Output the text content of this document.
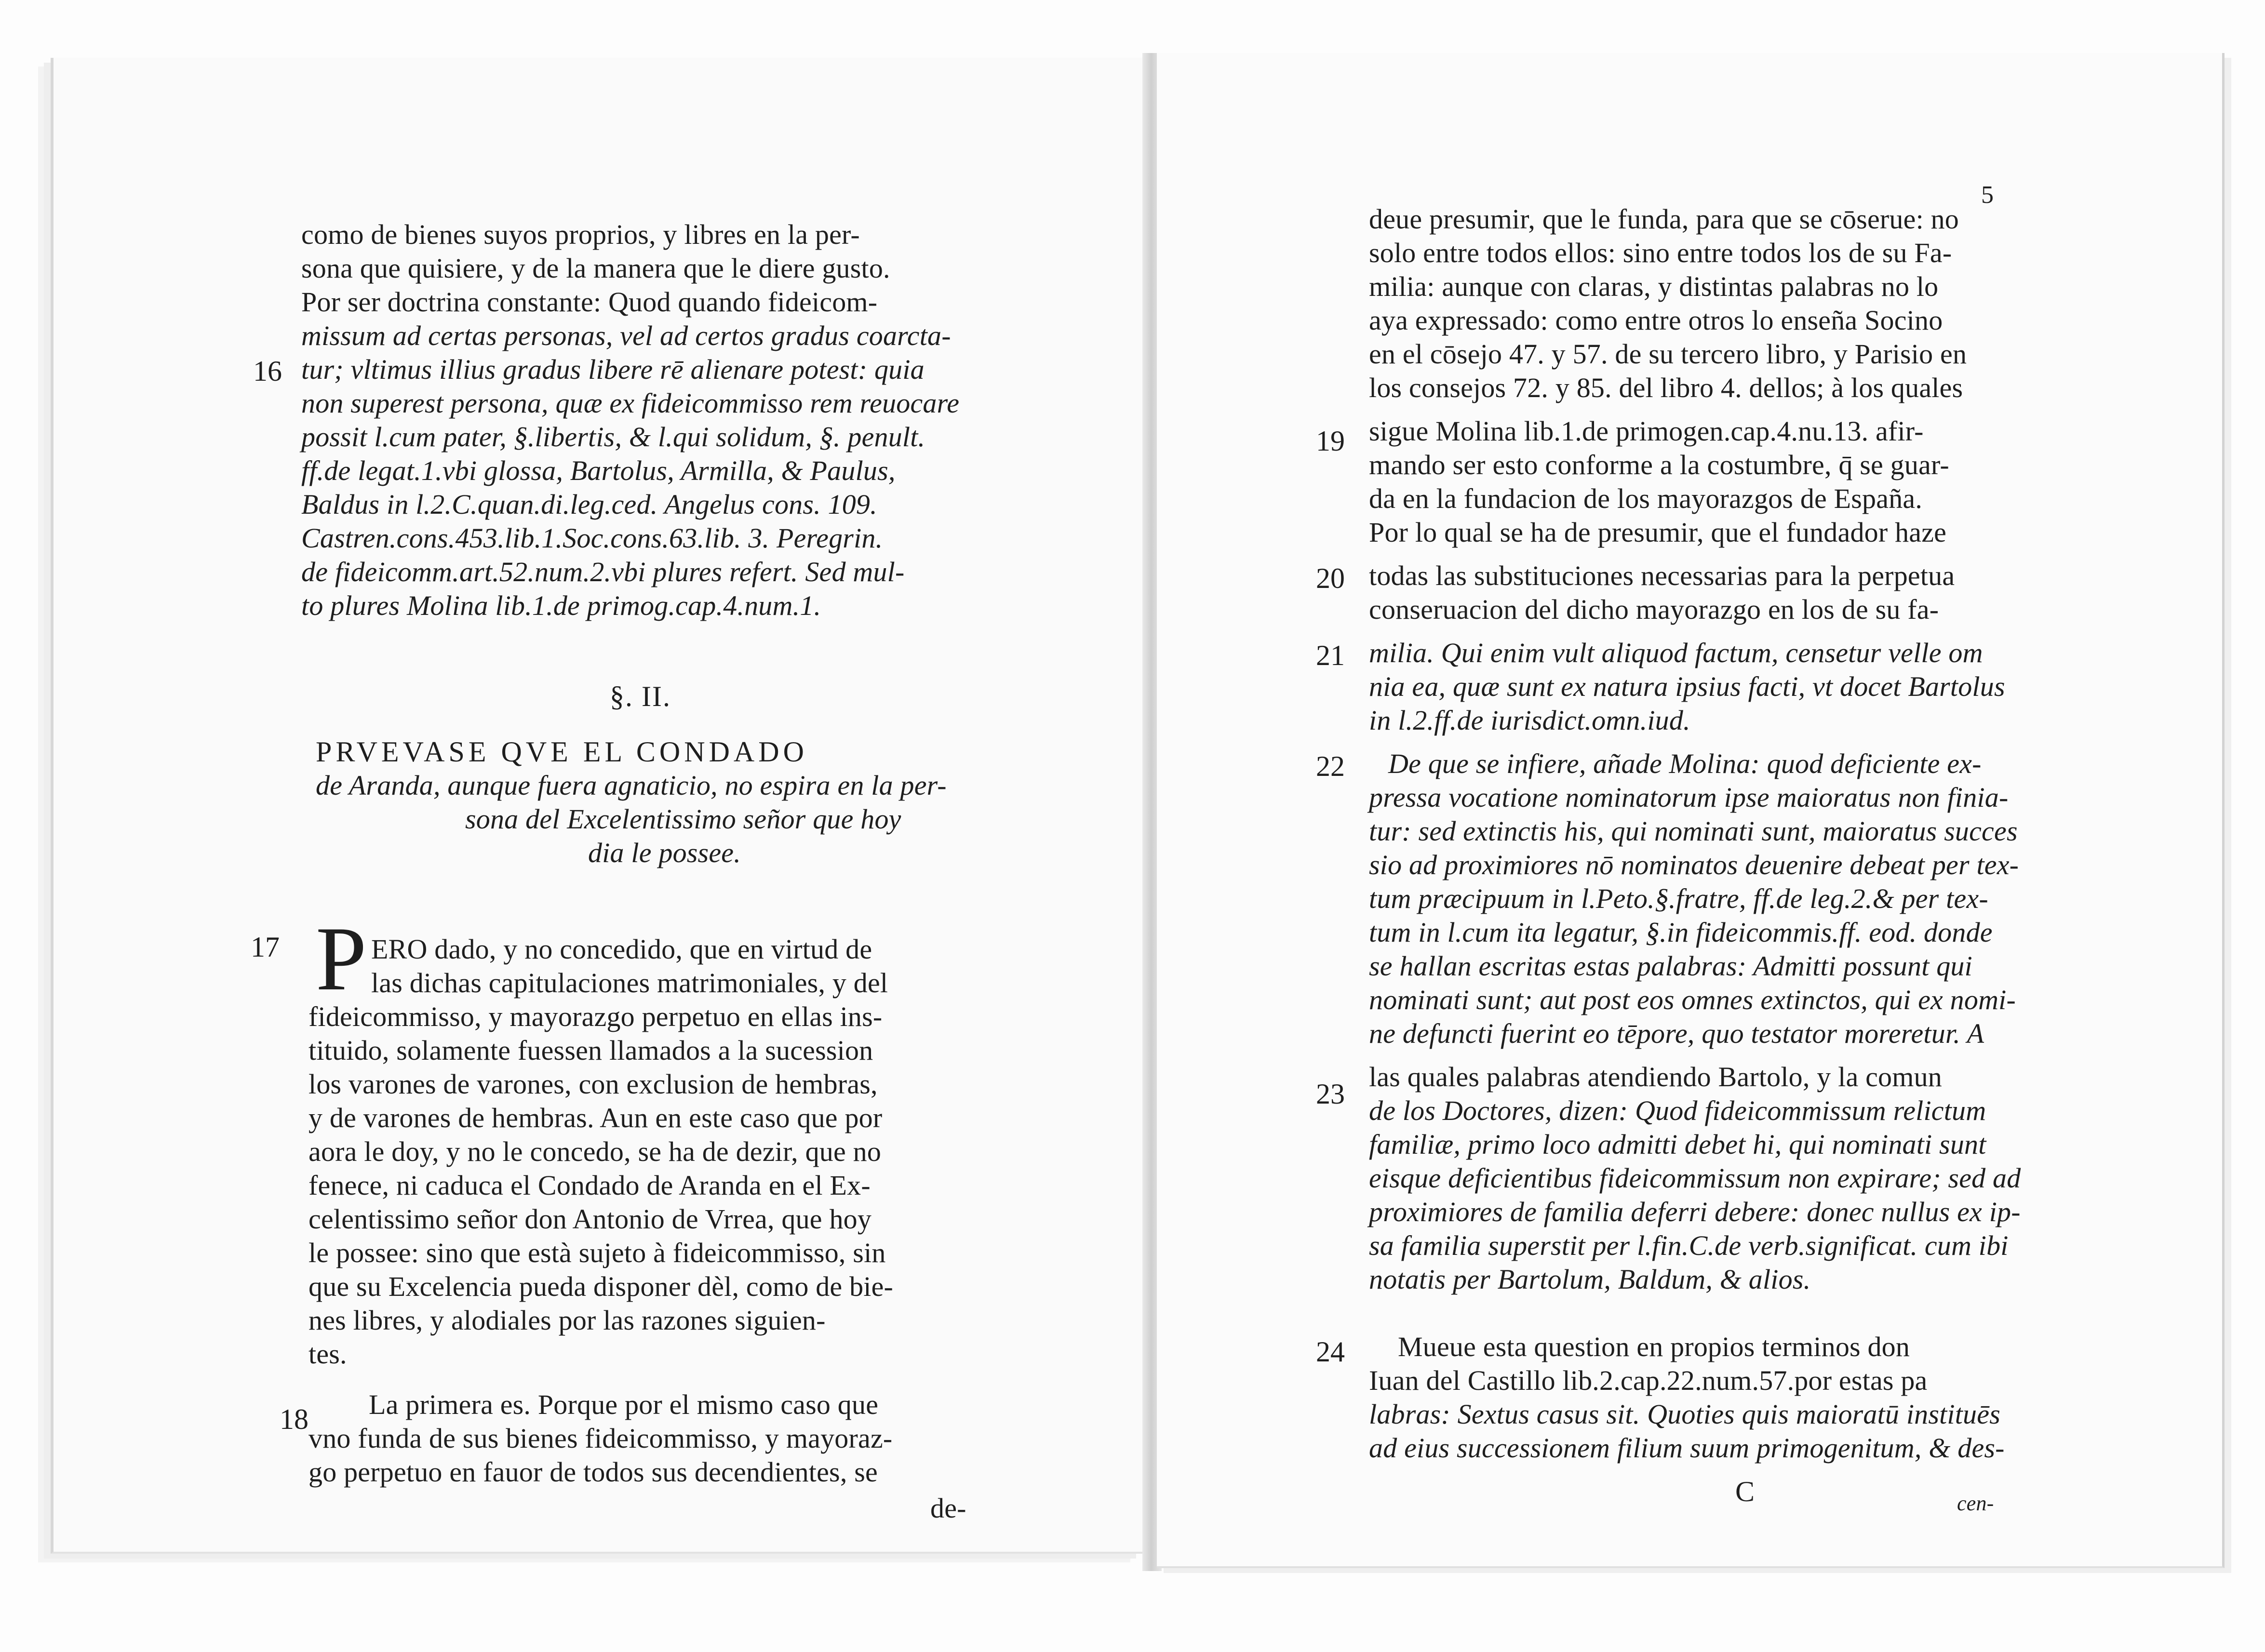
como de bienes suyos proprios, y libres en la per-
sona que quisiere, y de la manera que le diere gusto.
Por ser doctrina constante: Quod quando fideicom-
missum ad certas personas, vel ad certos gradus coarcta-
tur; vltimus illius gradus libere rē alienare potest: quia
non superest persona, quæ ex fideicommisso rem reuocare
possit l.cum pater, §.libertis, & l.qui solidum, §. penult.
ff.de legat.1.vbi glossa, Bartolus, Armilla, & Paulus,
Baldus in l.2.C.quan.di.leg.ced. Angelus cons. 109.
Castren.cons.453.lib.1.Soc.cons.63.lib. 3. Peregrin.
de fideicomm.art.52.num.2.vbi plures refert. Sed mul-
to plures Molina lib.1.de primog.cap.4.num.1.
§. II.
PRVEVASE QVE EL CONDADO
de Aranda, aunque fuera agnaticio, no espira en la per-
sona del Excelentissimo señor que hoy
dia le possee.
P ERO dado, y no concedido, que en virtud de
las dichas capitulaciones matrimoniales, y del
fideicommisso, y mayorazgo perpetuo en ellas ins-
tituido, solamente fuessen llamados a la sucession
los varones de varones, con exclusion de hembras,
y de varones de hembras. Aun en este caso que por
aora le doy, y no le concedo, se ha de dezir, que no
fenece, ni caduca el Condado de Aranda en el Ex-
celentissimo señor don Antonio de Vrrea, que hoy
le possee: sino que està sujeto à fideicommisso, sin
que su Excelencia pueda disponer dèl, como de bie-
nes libres, y alodiales por las razones siguien-
tes.
La primera es. Porque por el mismo caso que
vno funda de sus bienes fideicommisso, y mayoraz-
go perpetuo en fauor de todos sus decendientes, se
de-
16
17
18
5
deue presumir, que le funda, para que se cōserue: no
solo entre todos ellos: sino entre todos los de su Fa-
milia: aunque con claras, y distintas palabras no lo
aya expressado: como entre otros lo enseña Socino
en el cōsejo 47. y 57. de su tercero libro, y Parisio en
los consejos 72. y 85. del libro 4. dellos; à los quales
sigue Molina lib.1.de primogen.cap.4.nu.13. afir-
mando ser esto conforme a la costumbre, q̄ se guar-
da en la fundacion de los mayorazgos de España.
Por lo qual se ha de presumir, que el fundador haze
todas las substituciones necessarias para la perpetua
conseruacion del dicho mayorazgo en los de su fa-
milia. Qui enim vult aliquod factum, censetur velle om
nia ea, quæ sunt ex natura ipsius facti, vt docet Bartolus
in l.2.ff.de iurisdict.omn.iud.
De que se infiere, añade Molina: quod deficiente ex-
pressa vocatione nominatorum ipse maioratus non finia-
tur: sed extinctis his, qui nominati sunt, maioratus succes
sio ad proximiores nō nominatos deuenire debeat per tex-
tum præcipuum in l.Peto.§.fratre, ff.de leg.2.& per tex-
tum in l.cum ita legatur, §.in fideicommis.ff. eod. donde
se hallan escritas estas palabras: Admitti possunt qui
nominati sunt; aut post eos omnes extinctos, qui ex nomi-
ne defuncti fuerint eo tēpore, quo testator moreretur. A
las quales palabras atendiendo Bartolo, y la comun
de los Doctores, dizen: Quod fideicommissum relictum
familiæ, primo loco admitti debet hi, qui nominati sunt
eisque deficientibus fideicommissum non expirare; sed ad
proximiores de familia deferri debere: donec nullus ex ip-
sa familia superstit per l.fin.C.de verb.significat. cum ibi
notatis per Bartolum, Baldum, & alios.
Mueue esta question en propios terminos don
Iuan del Castillo lib.2.cap.22.num.57.por estas pa
labras: Sextus casus sit. Quoties quis maioratū instituēs
ad eius successionem filium suum primogenitum, & des-
C	cen-
19
20
21
22
23
24
